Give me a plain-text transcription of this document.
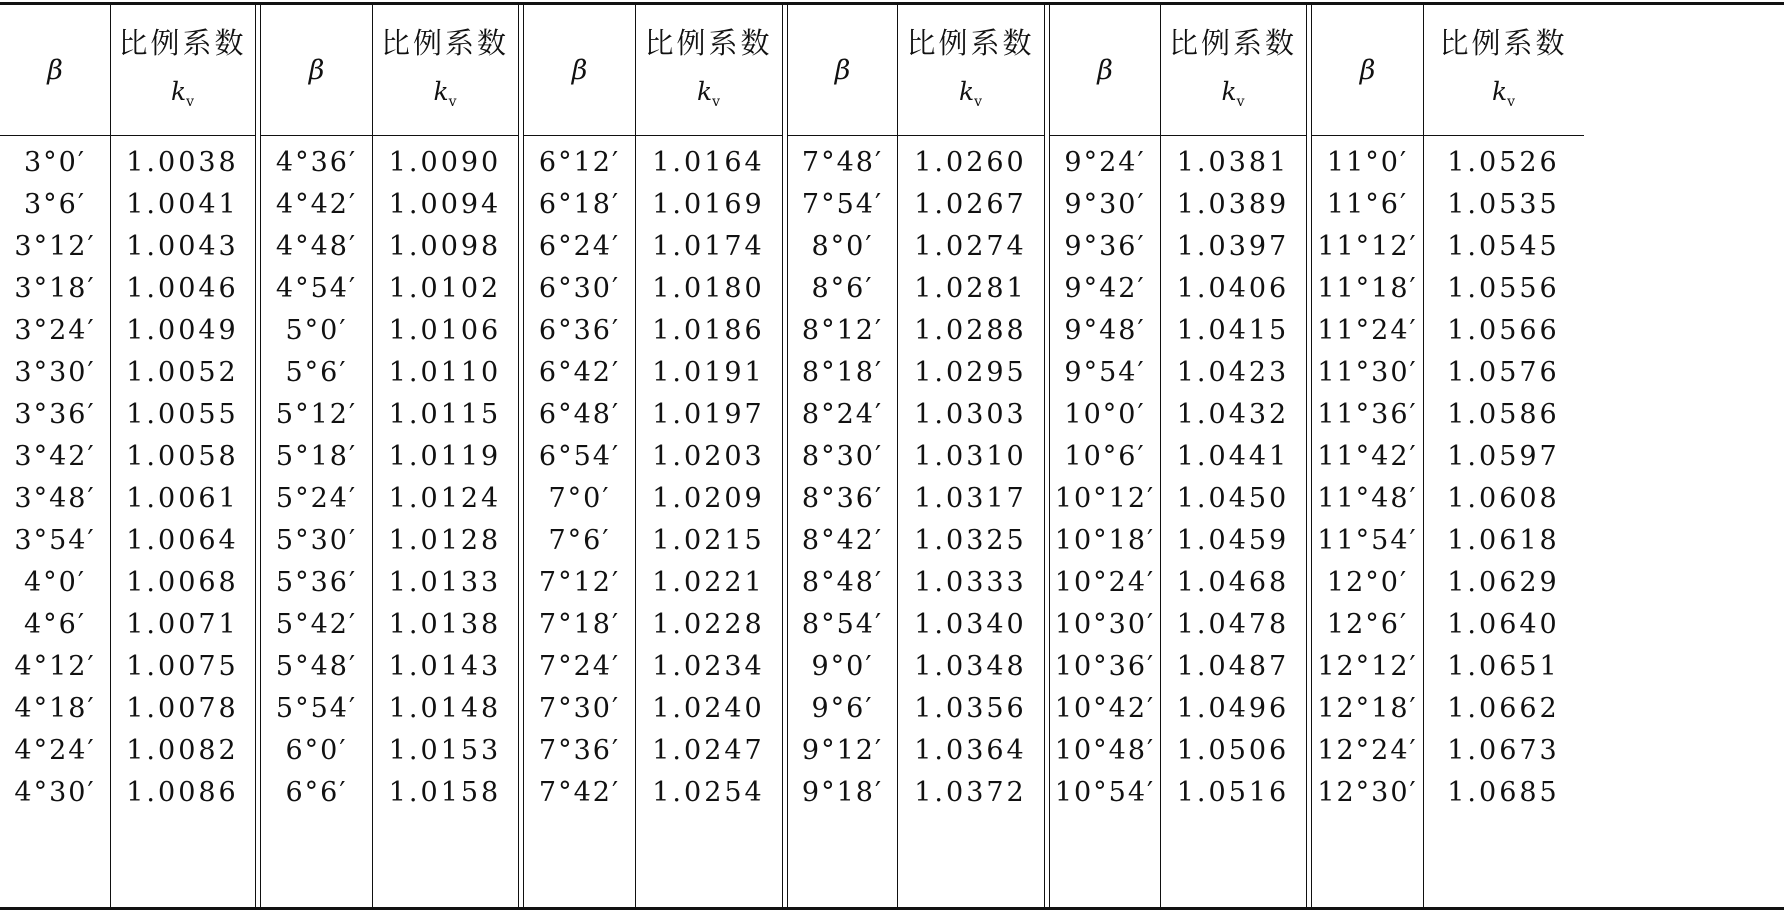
β
比例系数
$k_v$
3°0′	1.0038
3°6′	1.0041
3°12′	1.0043
3°18′	1.0046
3°24′	1.0049
3°30′	1.0052
3°36′	1.0055
3°42′	1.0058
3°48′	1.0061
3°54′	1.0064
4°0′	1.0068
4°6′	1.0071
4°12′	1.0075
4°18′	1.0078
4°24′	1.0082
4°30′	1.0086
β
比例系数
$k_v$
4°36′	1.0090
4°42′	1.0094
4°48′	1.0098
4°54′	1.0102
5°0′	1.0106
5°6′	1.0110
5°12′	1.0115
5°18′	1.0119
5°24′	1.0124
5°30′	1.0128
5°36′	1.0133
5°42′	1.0138
5°48′	1.0143
5°54′	1.0148
6°0′	1.0153
6°6′	1.0158
β
比例系数
$k_v$
6°12′	1.0164
6°18′	1.0169
6°24′	1.0174
6°30′	1.0180
6°36′	1.0186
6°42′	1.0191
6°48′	1.0197
6°54′	1.0203
7°0′	1.0209
7°6′	1.0215
7°12′	1.0221
7°18′	1.0228
7°24′	1.0234
7°30′	1.0240
7°36′	1.0247
7°42′	1.0254
β
比例系数
$k_v$
7°48′	1.0260
7°54′	1.0267
8°0′	1.0274
8°6′	1.0281
8°12′	1.0288
8°18′	1.0295
8°24′	1.0303
8°30′	1.0310
8°36′	1.0317
8°42′	1.0325
8°48′	1.0333
8°54′	1.0340
9°0′	1.0348
9°6′	1.0356
9°12′	1.0364
9°18′	1.0372
β
比例系数
$k_v$
9°24′	1.0381
9°30′	1.0389
9°36′	1.0397
9°42′	1.0406
9°48′	1.0415
9°54′	1.0423
10°0′	1.0432
10°6′	1.0441
10°12′ 1.0450
10°18′ 1.0459
10°24′ 1.0468
10°30′ 1.0478
10°36′ 1.0487
10°42′ 1.0496
10°48′ 1.0506
10°54′ 1.0516
β
比例系数
$k_v$
11°0′	1.0526
11°6′	1.0535
11°12′	1.0545
11°18′	1.0556
11°24′	1.0566
11°30′	1.0576
11°36′	1.0586
11°42′	1.0597
11°48′	1.0608
11°54′	1.0618
12°0′	1.0629
12°6′	1.0640
12°12′	1.0651
12°18′	1.0662
12°24′	1.0673
12°30′	1.0685
